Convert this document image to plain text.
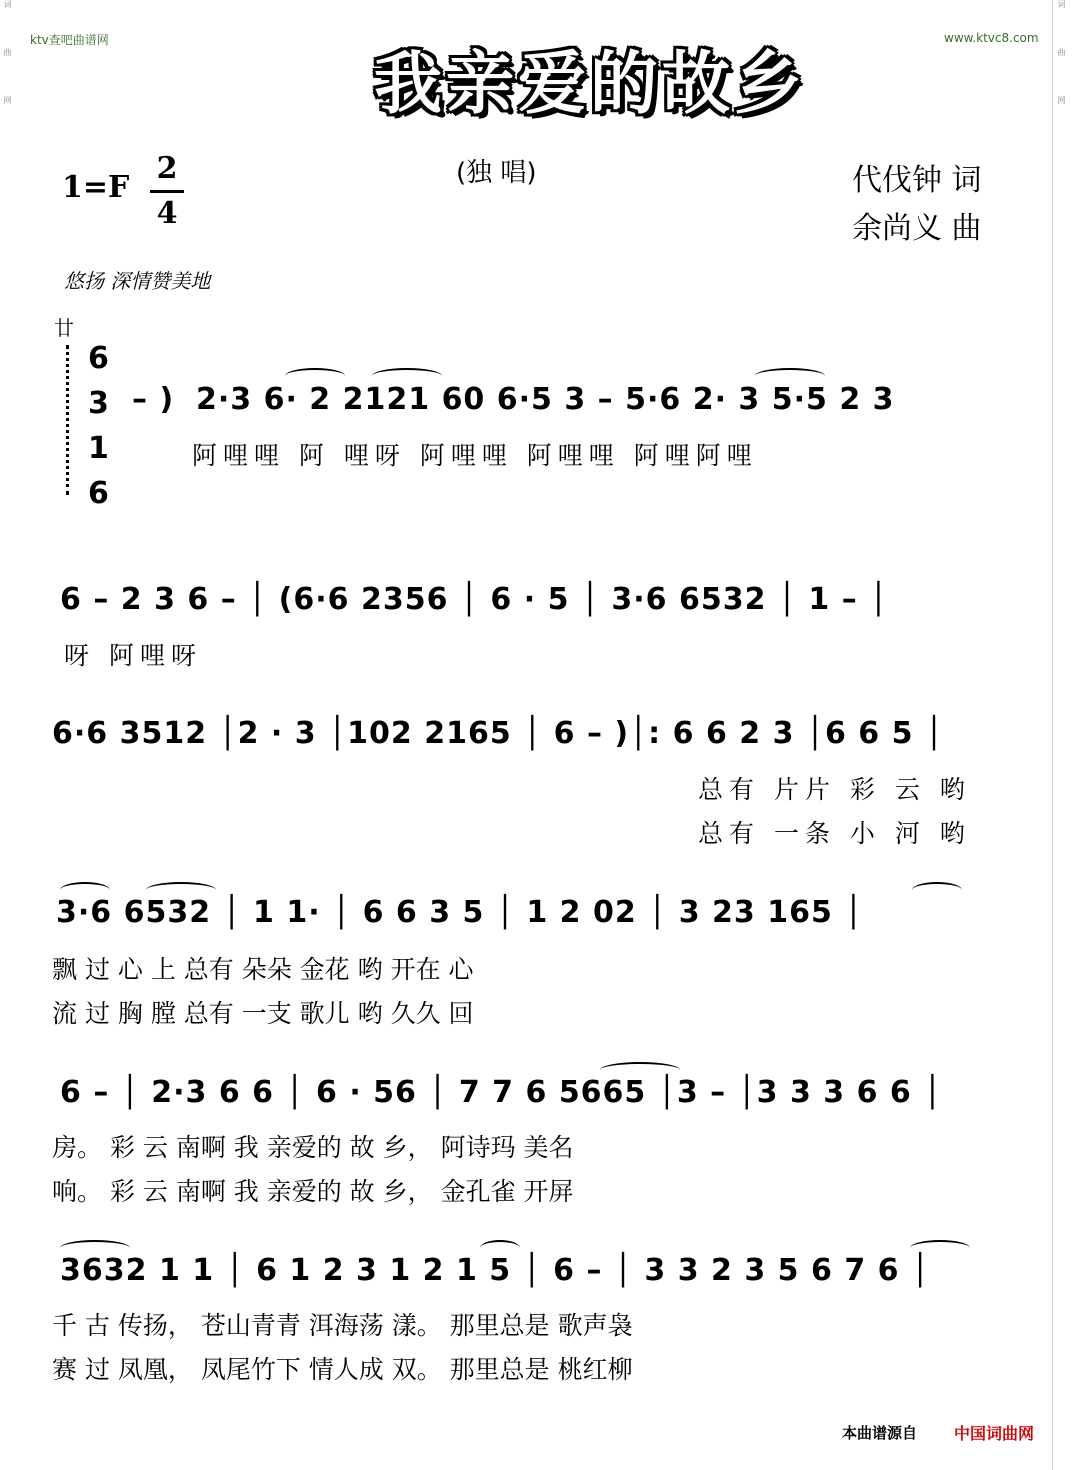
词曲网	词曲网
ktv查吧曲谱网	www.ktvc8.com
我亲爱的故乡
1=F
2
4
(独 唱)	代伐钟 词
余尚义 曲
悠扬 深情赞美地
廿
6
3
1
6
– ) 2·3 6· 2 2121 60 6·5 3 – 5·6 2· 3 5·5 2 3
阿哩哩 阿 哩呀 阿哩哩 阿哩哩 阿哩阿哩
6 – 2 3 6 – │ (6·6 2356 │ 6 · 5 │ 3·6 6532 │ 1 – │
呀 阿哩呀
6·6 3512 │2 · 3 │102 2165 │ 6 – )│: 6 6 2 3 │6 6 5 │
总有 片片 彩 云 哟
总有 一条 小 河 哟
3·6 6532 │ 1 1· │ 6 6 3 5 │ 1 2 02 │ 3 23 165 │
飘 过 心 上 总有 朵朵 金花 哟 开在 心
流 过 胸 膛 总有 一支 歌儿 哟 久久 回
6 – │ 2·3 6 6 │ 6 · 56 │ 7 7 6 5665 │3 – │3 3 3 6 6 │
房。 彩 云 南啊 我 亲爱的 故 乡， 阿诗玛 美名
响。 彩 云 南啊 我 亲爱的 故 乡， 金孔雀 开屏
3632 1 1 │ 6 1 2 3 1 2 1 5 │ 6 – │ 3 3 2 3 5 6 7 6 │
千 古 传扬， 苍山青青 洱海荡 漾。 那里总是 歌声袅
赛 过 凤凰， 凤尾竹下 情人成 双。 那里总是 桃红柳
本曲谱源自 中国词曲网
